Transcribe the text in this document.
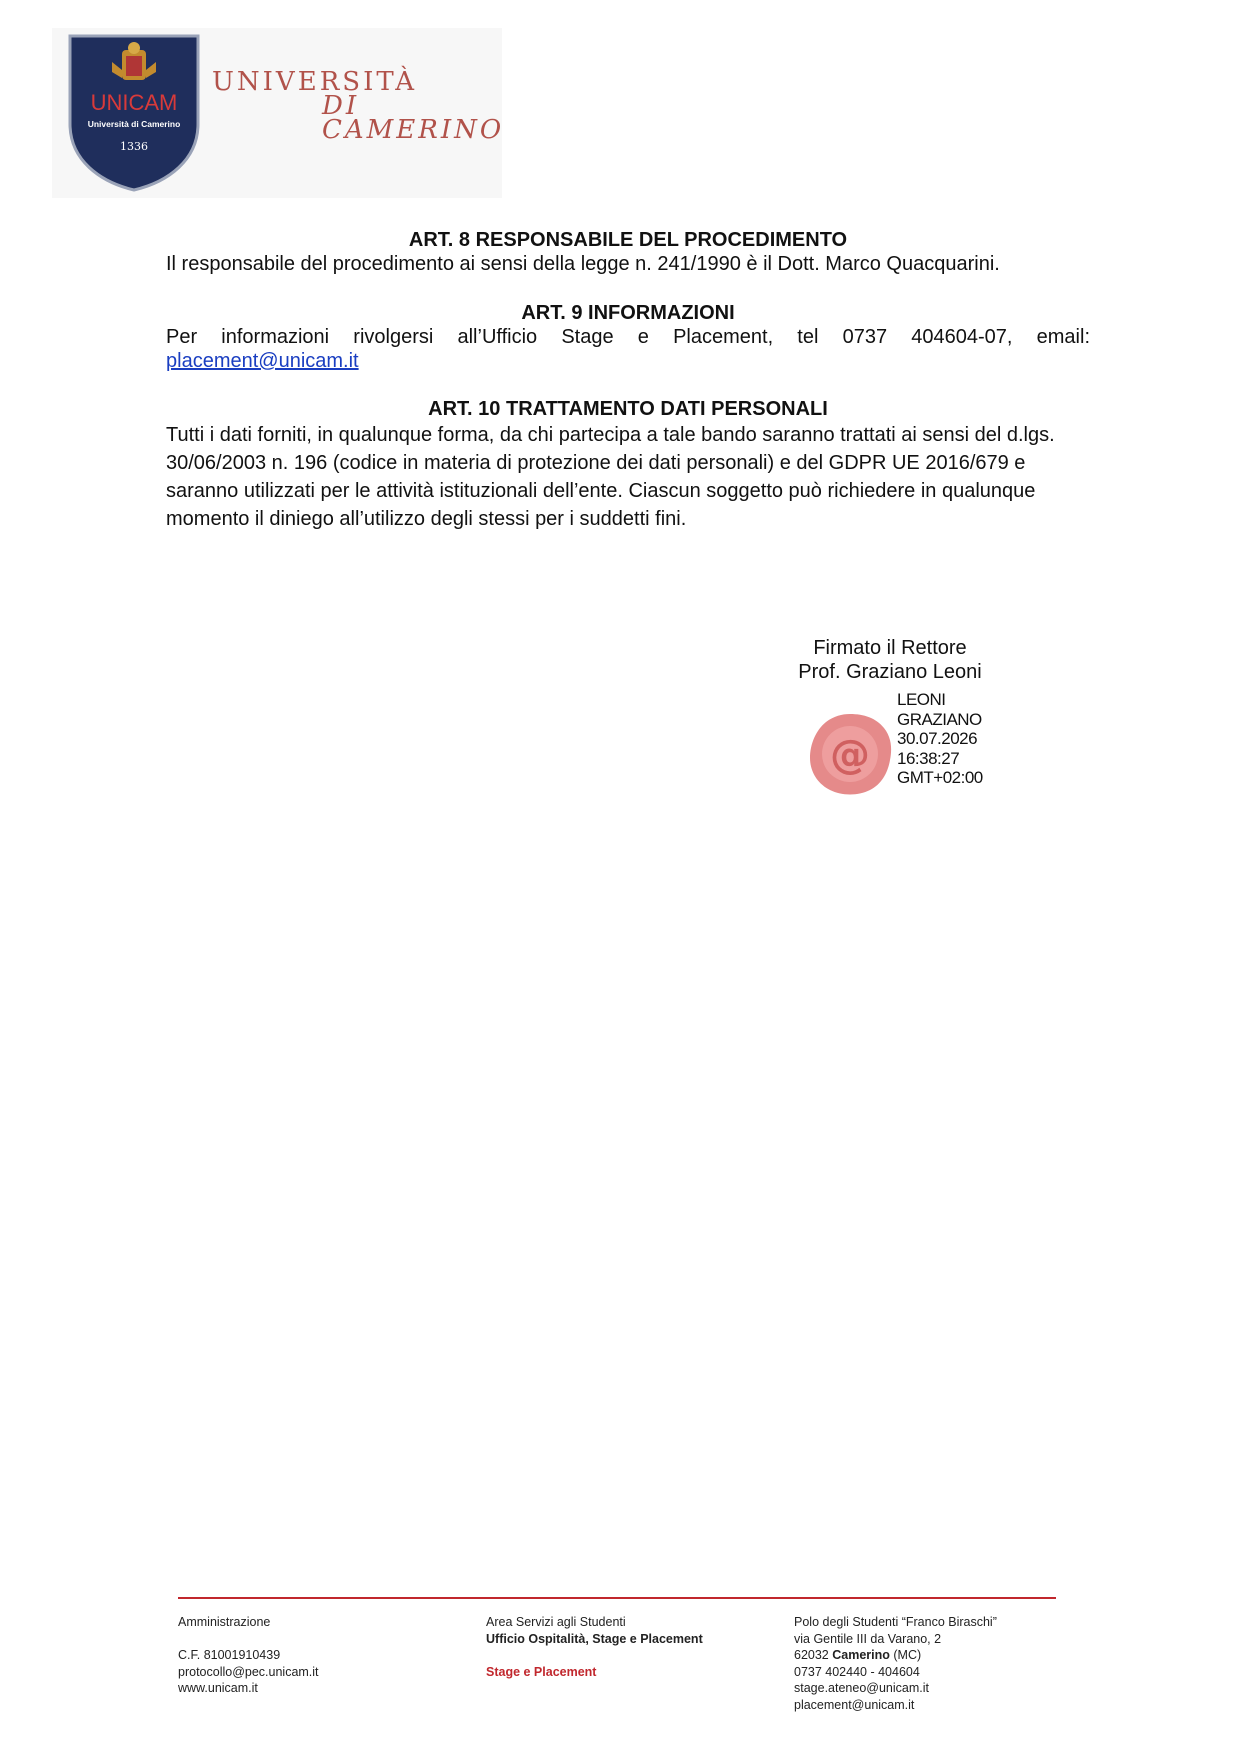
UNICAM
Università di Camerino
1336
UNIVERSITÀ
DI CAMERINO

ART. 8 RESPONSABILE DEL PROCEDIMENTO

Il responsabile del procedimento ai sensi della legge n. 241/1990 è il Dott. Marco Quacquarini.

ART. 9 INFORMAZIONI

Per informazioni rivolgersi all’Ufficio Stage e Placement, tel 0737 404604-07, email:

placement@unicam.it

ART. 10 TRATTAMENTO DATI PERSONALI

Tutti i dati forniti, in qualunque forma, da chi partecipa a tale bando saranno trattati ai sensi del d.lgs. 30/06/2003 n. 196 (codice in materia di protezione dei dati personali) e del GDPR UE 2016/679 e saranno utilizzati per le attività istituzionali dell’ente. Ciascun soggetto può richiedere in qualunque momento il diniego all’utilizzo degli stessi per i suddetti fini.

Firmato il Rettore
Prof. Graziano Leoni
@
LEONI
GRAZIANO
30.07.2026
16:38:27
GMT+02:00
Amministrazione

C.F. 81001910439
protocollo@pec.unicam.it
www.unicam.it
Area Servizi agli Studenti
Ufficio Ospitalità, Stage e Placement

Stage e Placement
Polo degli Studenti “Franco Biraschi”
via Gentile III da Varano, 2
62032 Camerino (MC)
0737 402440 - 404604
stage.ateneo@unicam.it
placement@unicam.it
